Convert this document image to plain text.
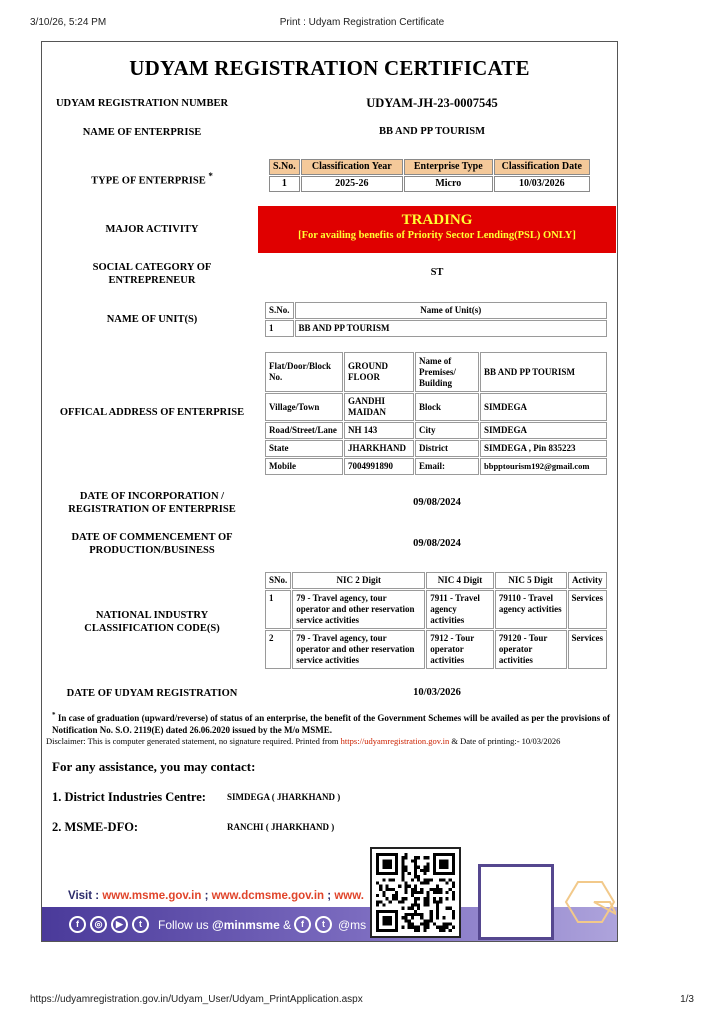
3/10/26, 5:24 PM	Print : Udyam Registration Certificate
UDYAM REGISTRATION CERTIFICATE
UDYAM REGISTRATION NUMBER	UDYAM-JH-23-0007545
NAME OF ENTERPRISE	BB AND PP TOURISM
TYPE OF ENTERPRISE *
S.No.	Classification Year	Enterprise Type	Classification Date
1	2025-26	Micro	10/03/2026
MAJOR ACTIVITY
TRADING
[For availing benefits of Priority Sector Lending(PSL) ONLY]
SOCIAL CATEGORY OF
ENTREPRENEUR
ST
NAME OF UNIT(S)
S.No.	Name of Unit(s)
1	BB AND PP TOURISM
OFFICAL ADDRESS OF ENTERPRISE
Flat/Door/Block No.	GROUND FLOOR	Name of Premises/ Building	BB AND PP TOURISM
Village/Town	GANDHI MAIDAN	Block	SIMDEGA
Road/Street/Lane	NH 143	City	SIMDEGA
State	JHARKHAND	District	SIMDEGA , Pin 835223
Mobile	7004991890	Email:	bbpptourism192@gmail.com
DATE OF INCORPORATION /
REGISTRATION OF ENTERPRISE
09/08/2024
DATE OF COMMENCEMENT OF
PRODUCTION/BUSINESS
09/08/2024
NATIONAL INDUSTRY
CLASSIFICATION CODE(S)
SNo.	NIC 2 Digit	NIC 4 Digit	NIC 5 Digit	Activity
1	79 - Travel agency, tour operator and other reservation service activities	7911 - Travel agency activities	79110 - Travel agency activities	Services
2	79 - Travel agency, tour operator and other reservation service activities	7912 - Tour operator activities	79120 - Tour operator activities	Services
DATE OF UDYAM REGISTRATION	10/03/2026
* In case of graduation (upward/reverse) of status of an enterprise, the benefit of the Government Schemes will be availed as per the provisions of Notification No. S.O. 2119(E) dated 26.06.2020 issued by the M/o MSME.
Disclaimer: This is computer generated statement, no signature required. Printed from https://udyamregistration.gov.in & Date of printing:- 10/03/2026
For any assistance, you may contact:
1. District Industries Centre: SIMDEGA ( JHARKHAND )
2. MSME-DFO:	RANCHI ( JHARKHAND )
Visit : www.msme.gov.in ; www.dcmsme.gov.in ; www.
f	◎	▶	t	Follow us @minmsme &	f	t	@ms
https://udyamregistration.gov.in/Udyam_User/Udyam_PrintApplication.aspx	1/3
